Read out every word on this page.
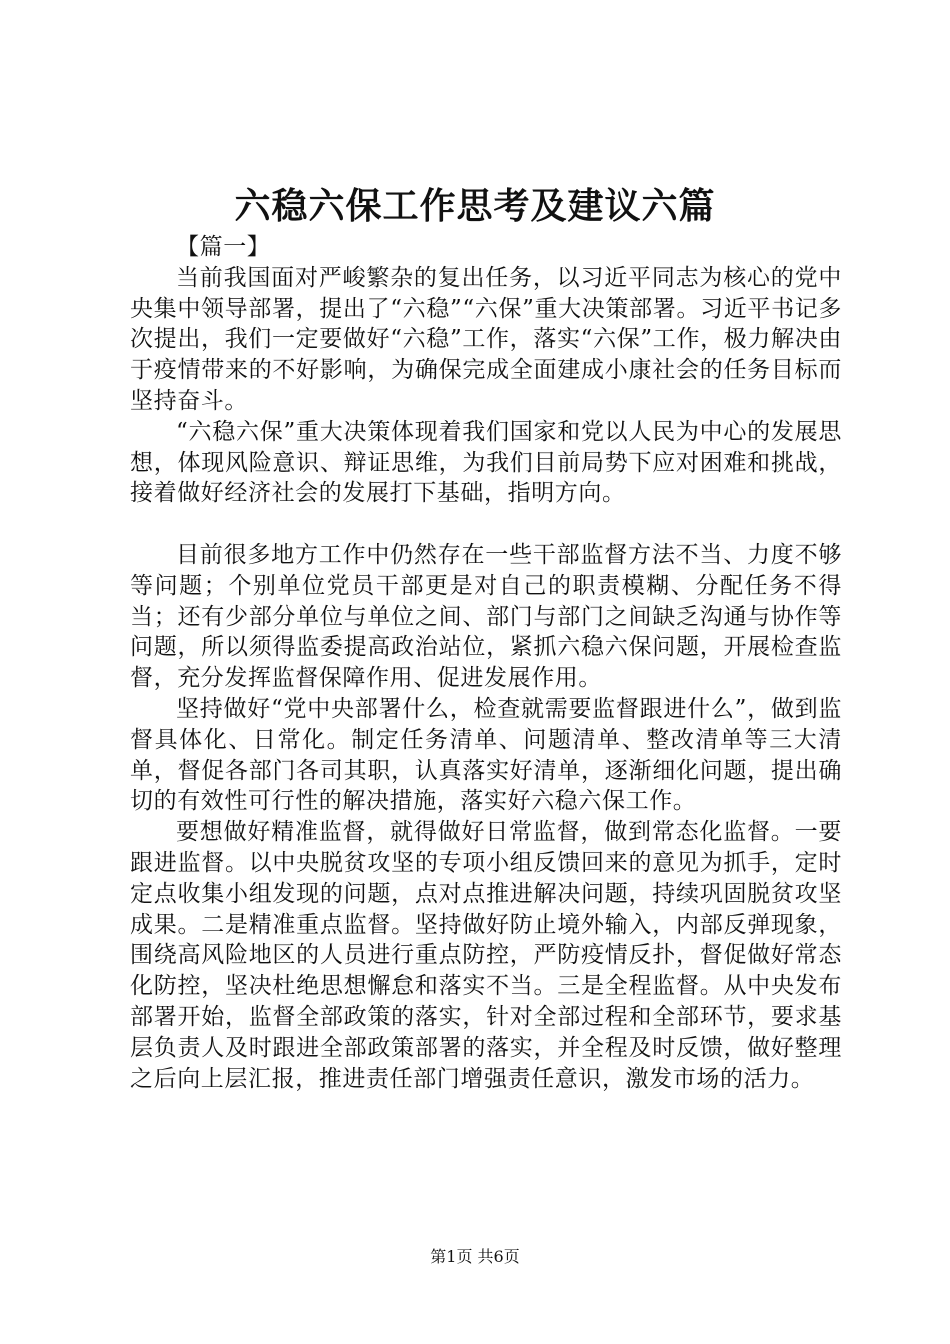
六稳六保工作思考及建议六篇

【篇一】

当前我国面对严峻繁杂的复出任务，以习近平同志为核心的党中央集中领导部署，提出了“六稳”“六保”重大决策部署。习近平书记多次提出，我们一定要做好“六稳”工作，落实“六保”工作，极力解决由于疫情带来的不好影响，为确保完成全面建成小康社会的任务目标而坚持奋斗。

“六稳六保”重大决策体现着我们国家和党以人民为中心的发展思想，体现风险意识、辩证思维，为我们目前局势下应对困难和挑战，接着做好经济社会的发展打下基础，指明方向。

目前很多地方工作中仍然存在一些干部监督方法不当、力度不够等问题；个别单位党员干部更是对自己的职责模糊、分配任务不得当；还有少部分单位与单位之间、部门与部门之间缺乏沟通与协作等问题，所以须得监委提高政治站位，紧抓六稳六保问题，开展检查监督，充分发挥监督保障作用、促进发展作用。

坚持做好“党中央部署什么，检查就需要监督跟进什么”，做到监督具体化、日常化。制定任务清单、问题清单、整改清单等三大清单，督促各部门各司其职，认真落实好清单，逐渐细化问题，提出确切的有效性可行性的解决措施，落实好六稳六保工作。

要想做好精准监督，就得做好日常监督，做到常态化监督。一要跟进监督。以中央脱贫攻坚的专项小组反馈回来的意见为抓手，定时定点收集小组发现的问题，点对点推进解决问题，持续巩固脱贫攻坚成果。二是精准重点监督。坚持做好防止境外输入，内部反弹现象，围绕高风险地区的人员进行重点防控，严防疫情反扑，督促做好常态化防控，坚决杜绝思想懈怠和落实不当。三是全程监督。从中央发布部署开始，监督全部政策的落实，针对全部过程和全部环节，要求基层负责人及时跟进全部政策部署的落实，并全程及时反馈，做好整理之后向上层汇报，推进责任部门增强责任意识，激发市场的活力。

第1页 共6页
